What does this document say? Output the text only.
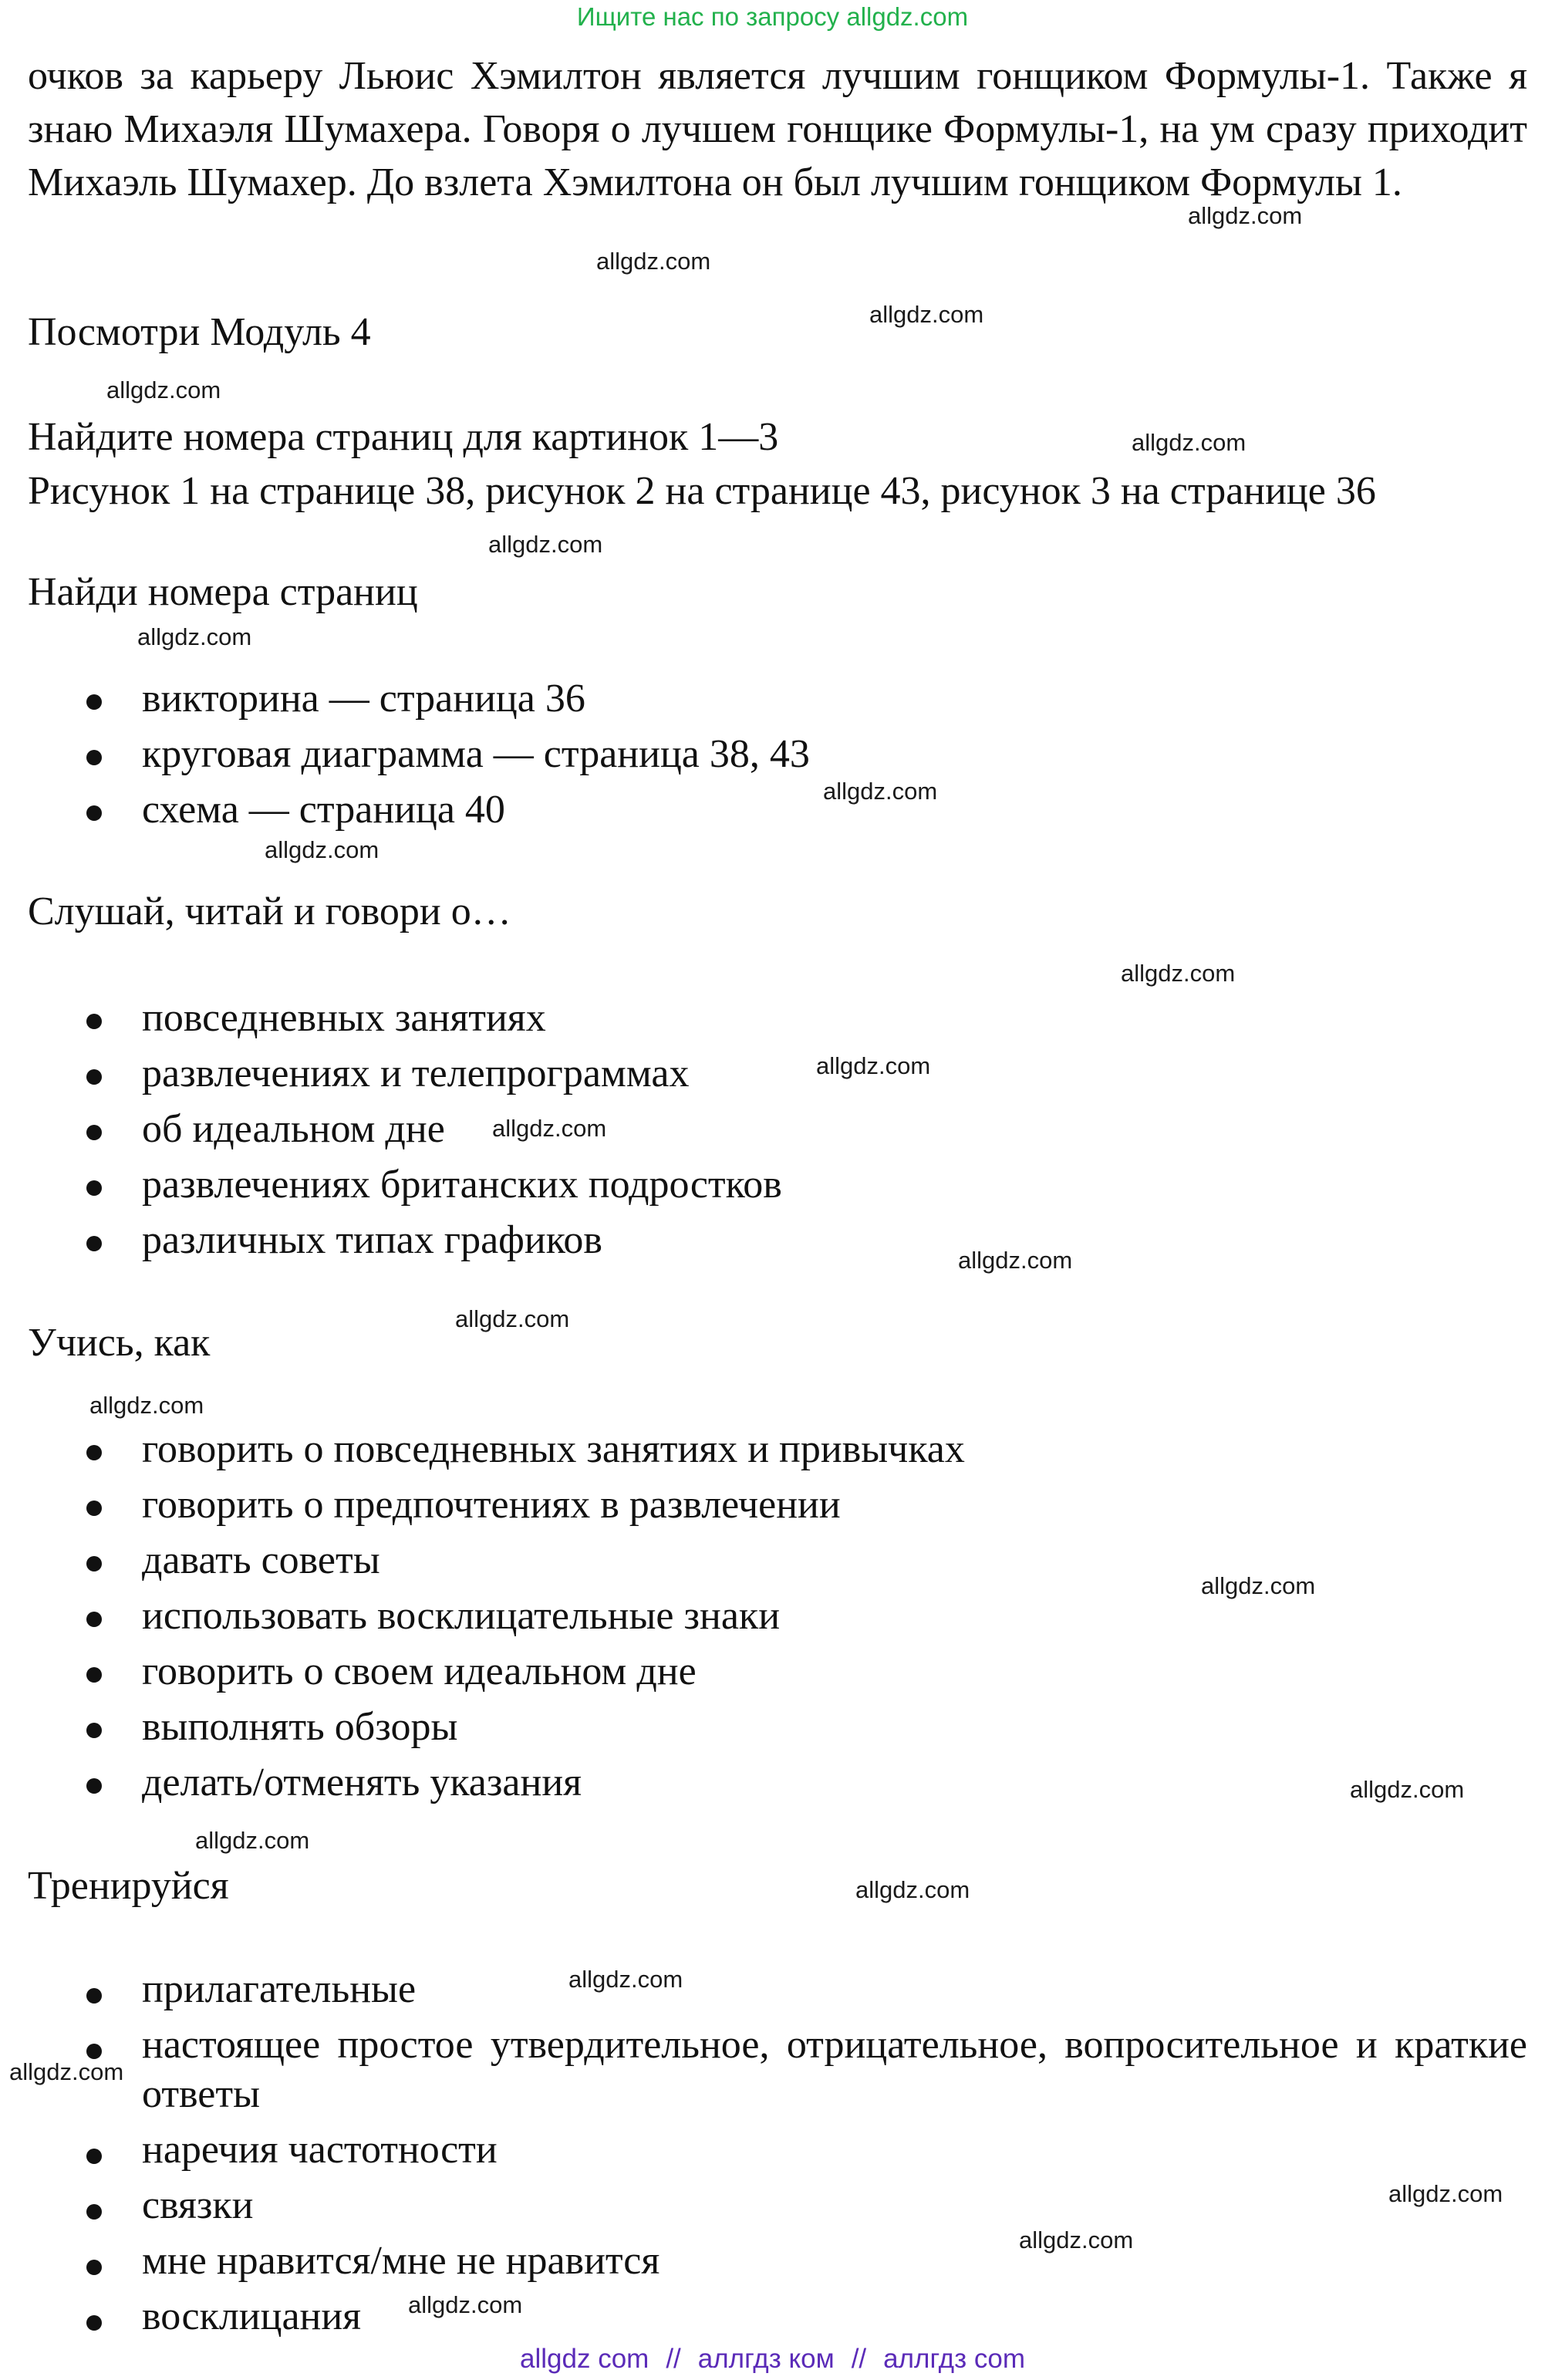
Ищите нас по запросу allgdz.com
очков за карьеру Льюис Хэмилтон является лучшим гонщиком Формулы-1. Также я знаю Михаэля Шумахера. Говоря о лучшем гонщике Формулы-1, на ум сразу приходит Михаэль Шумахер. До взлета Хэмилтона он был лучшим гонщиком Формулы 1.
Посмотри Модуль 4
Найдите номера страниц для картинок 1—3
Рисунок 1 на странице 38, рисунок 2 на странице 43, рисунок 3 на странице 36
Найди номера страниц
викторина — страница 36
круговая диаграмма — страница 38, 43
схема — страница 40
Слушай, читай и говори о…
повседневных занятиях
развлечениях и телепрограммах
об идеальном дне
развлечениях британских подростков
различных типах графиков
Учись, как
говорить о повседневных занятиях и привычках
говорить о предпочтениях в развлечении
давать советы
использовать восклицательные знаки
говорить о своем идеальном дне
выполнять обзоры
делать/отменять указания
Тренируйся
прилагательные
настоящее простое утвердительное, отрицательное, вопросительное и краткие ответы
наречия частотности
связки
мне нравится/мне не нравится
восклицания
allgdz.com
allgdz.com
allgdz.com
allgdz.com
allgdz.com
allgdz.com
allgdz.com
allgdz.com
allgdz.com
allgdz.com
allgdz.com
allgdz.com
allgdz.com
allgdz.com
allgdz.com
allgdz.com
allgdz.com
allgdz.com
allgdz.com
allgdz.com
allgdz.com
allgdz.com
allgdz.com
allgdz.com
allgdz com // аллгдз ком // аллгдз com
